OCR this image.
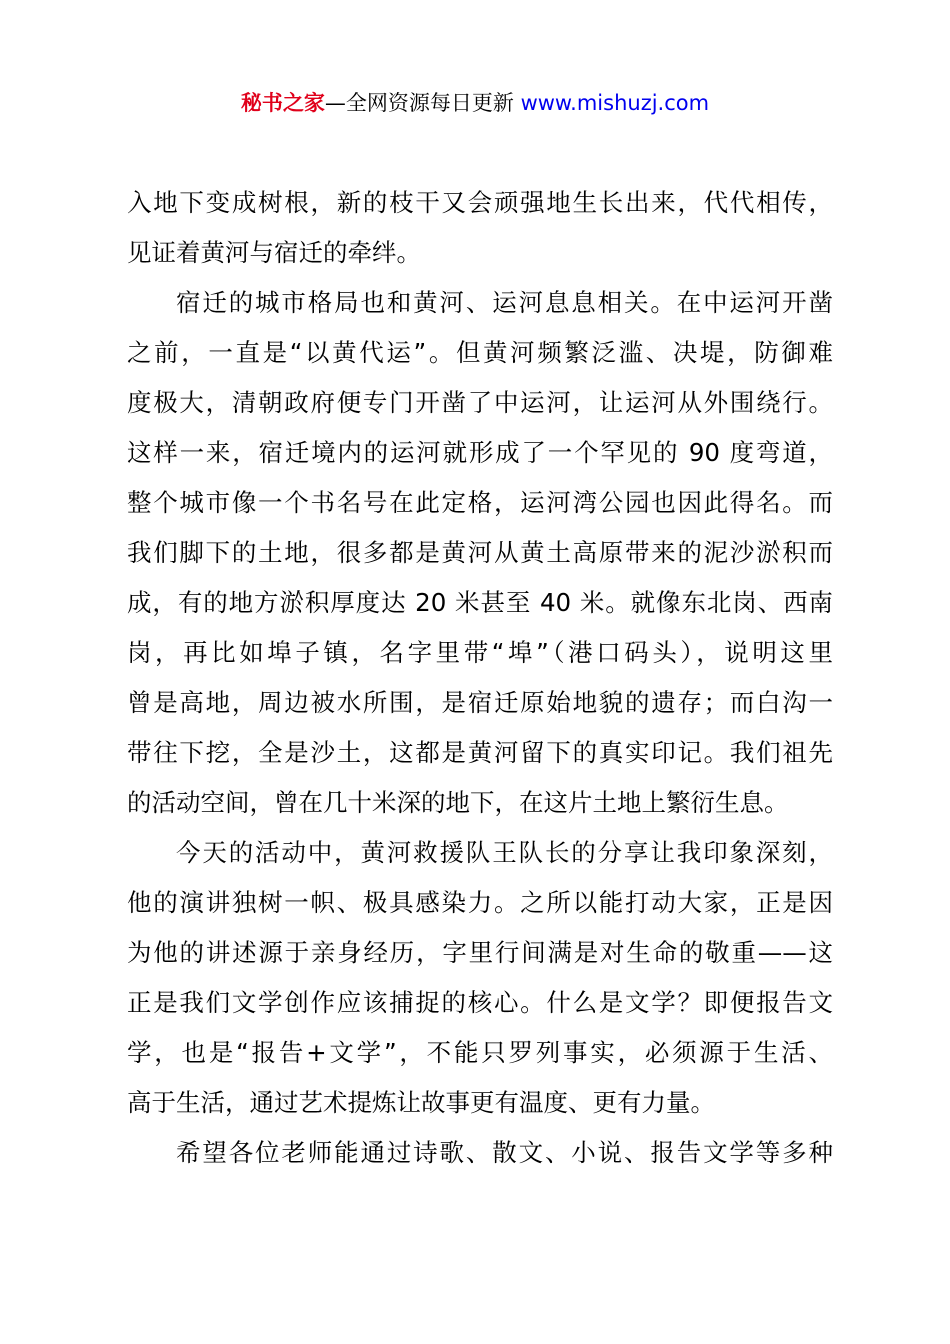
秘书之家—全网资源每日更新 www.mishuzj.com
入地下变成树根，新的枝干又会顽强地生长出来，代代相传，
见证着黄河与宿迁的牵绊。
宿迁的城市格局也和黄河、运河息息相关。在中运河开凿
之前，一直是“以黄代运”。但黄河频繁泛滥、决堤，防御难
度极大，清朝政府便专门开凿了中运河，让运河从外围绕行。
这样一来，宿迁境内的运河就形成了一个罕见的 90 度弯道，
整个城市像一个书名号在此定格，运河湾公园也因此得名。而
我们脚下的土地，很多都是黄河从黄土高原带来的泥沙淤积而
成，有的地方淤积厚度达 20 米甚至 40 米。就像东北岗、西南
岗，再比如埠子镇，名字里带“埠”（港口码头），说明这里
曾是高地，周边被水所围，是宿迁原始地貌的遗存；而白沟一
带往下挖，全是沙土，这都是黄河留下的真实印记。我们祖先
的活动空间，曾在几十米深的地下，在这片土地上繁衍生息。
今天的活动中，黄河救援队王队长的分享让我印象深刻，
他的演讲独树一帜、极具感染力。之所以能打动大家，正是因
为他的讲述源于亲身经历，字里行间满是对生命的敬重——这
正是我们文学创作应该捕捉的核心。什么是文学？即便报告文
学，也是“报告+文学”，不能只罗列事实，必须源于生活、
高于生活，通过艺术提炼让故事更有温度、更有力量。
希望各位老师能通过诗歌、散文、小说、报告文学等多种
